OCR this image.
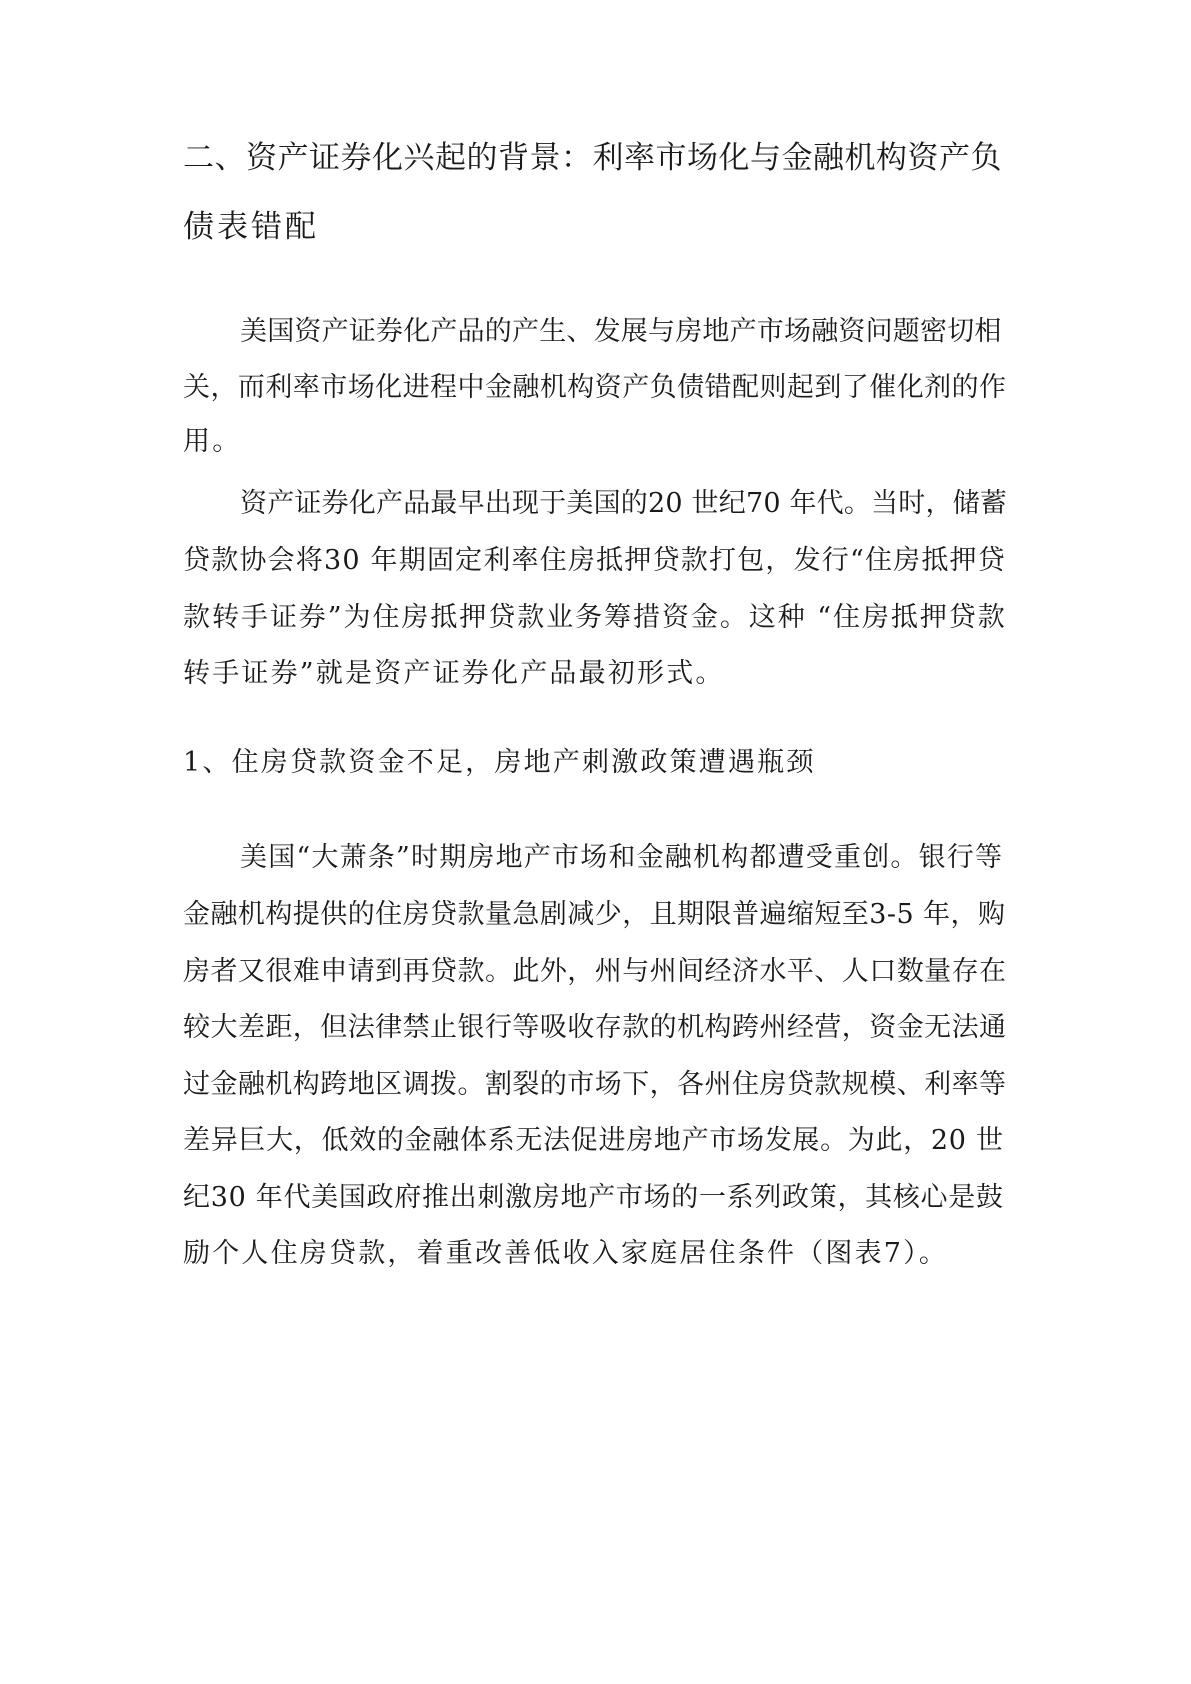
二、资产证券化兴起的背景：利率市场化与金融机构资产负
债表错配
美国资产证券化产品的产生、发展与房地产市场融资问题密切相
关，而利率市场化进程中金融机构资产负债错配则起到了催化剂的作
用。
资产证券化产品最早出现于美国的20 世纪70 年代。当时，储蓄
贷款协会将30 年期固定利率住房抵押贷款打包，发行“住房抵押贷
款转手证券”为住房抵押贷款业务筹措资金。这种 “住房抵押贷款
转手证券”就是资产证券化产品最初形式。
1、住房贷款资金不足，房地产刺激政策遭遇瓶颈
美国“大萧条”时期房地产市场和金融机构都遭受重创。银行等
金融机构提供的住房贷款量急剧减少，且期限普遍缩短至3-5 年，购
房者又很难申请到再贷款。此外，州与州间经济水平、人口数量存在
较大差距，但法律禁止银行等吸收存款的机构跨州经营，资金无法通
过金融机构跨地区调拨。割裂的市场下，各州住房贷款规模、利率等
差异巨大，低效的金融体系无法促进房地产市场发展。为此，20 世
纪30 年代美国政府推出刺激房地产市场的一系列政策，其核心是鼓
励个人住房贷款，着重改善低收入家庭居住条件（图表7）。
